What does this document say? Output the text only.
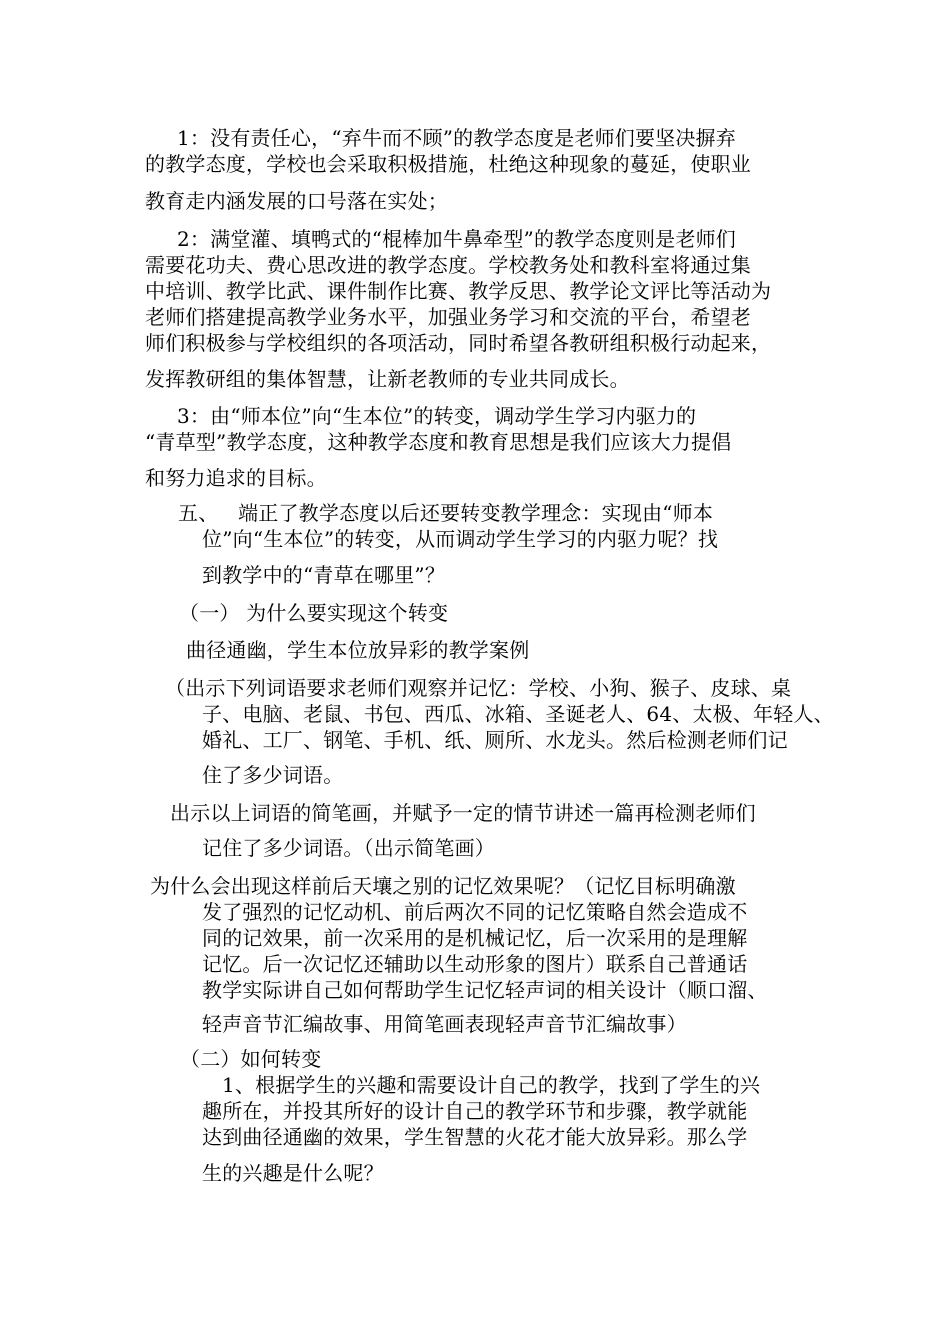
1：没有责任心，“弃牛而不顾”的教学态度是老师们要坚决摒弃
的教学态度，学校也会采取积极措施，杜绝这种现象的蔓延，使职业
教育走内涵发展的口号落在实处；
2：满堂灌、填鸭式的“棍棒加牛鼻牵型”的教学态度则是老师们
需要花功夫、费心思改进的教学态度。学校教务处和教科室将通过集
中培训、教学比武、课件制作比赛、教学反思、教学论文评比等活动为
老师们搭建提高教学业务水平，加强业务学习和交流的平台，希望老
师们积极参与学校组织的各项活动，同时希望各教研组积极行动起来，
发挥教研组的集体智慧，让新老教师的专业共同成长。
3：由“师本位”向“生本位”的转变，调动学生学习内驱力的
“青草型”教学态度，这种教学态度和教育思想是我们应该大力提倡
和努力追求的目标。
五、   端正了教学态度以后还要转变教学理念：实现由“师本
位”向“生本位”的转变，从而调动学生学习的内驱力呢？找
到教学中的“青草在哪里”？
（一） 为什么要实现这个转变
曲径通幽，学生本位放异彩的教学案例
（出示下列词语要求老师们观察并记忆：学校、小狗、猴子、皮球、桌
子、电脑、老鼠、书包、西瓜、冰箱、圣诞老人、64、太极、年轻人、
婚礼、工厂、钢笔、手机、纸、厕所、水龙头。然后检测老师们记
住了多少词语。
出示以上词语的简笔画，并赋予一定的情节讲述一篇再检测老师们
记住了多少词语。（出示简笔画）
为什么会出现这样前后天壤之别的记忆效果呢？（记忆目标明确激
发了强烈的记忆动机、前后两次不同的记忆策略自然会造成不
同的记效果，前一次采用的是机械记忆，后一次采用的是理解
记忆。后一次记忆还辅助以生动形象的图片）联系自己普通话
教学实际讲自己如何帮助学生记忆轻声词的相关设计（顺口溜、
轻声音节汇编故事、用简笔画表现轻声音节汇编故事）
（二）如何转变
1、根据学生的兴趣和需要设计自己的教学，找到了学生的兴
趣所在，并投其所好的设计自己的教学环节和步骤，教学就能
达到曲径通幽的效果，学生智慧的火花才能大放异彩。那么学
生的兴趣是什么呢？
